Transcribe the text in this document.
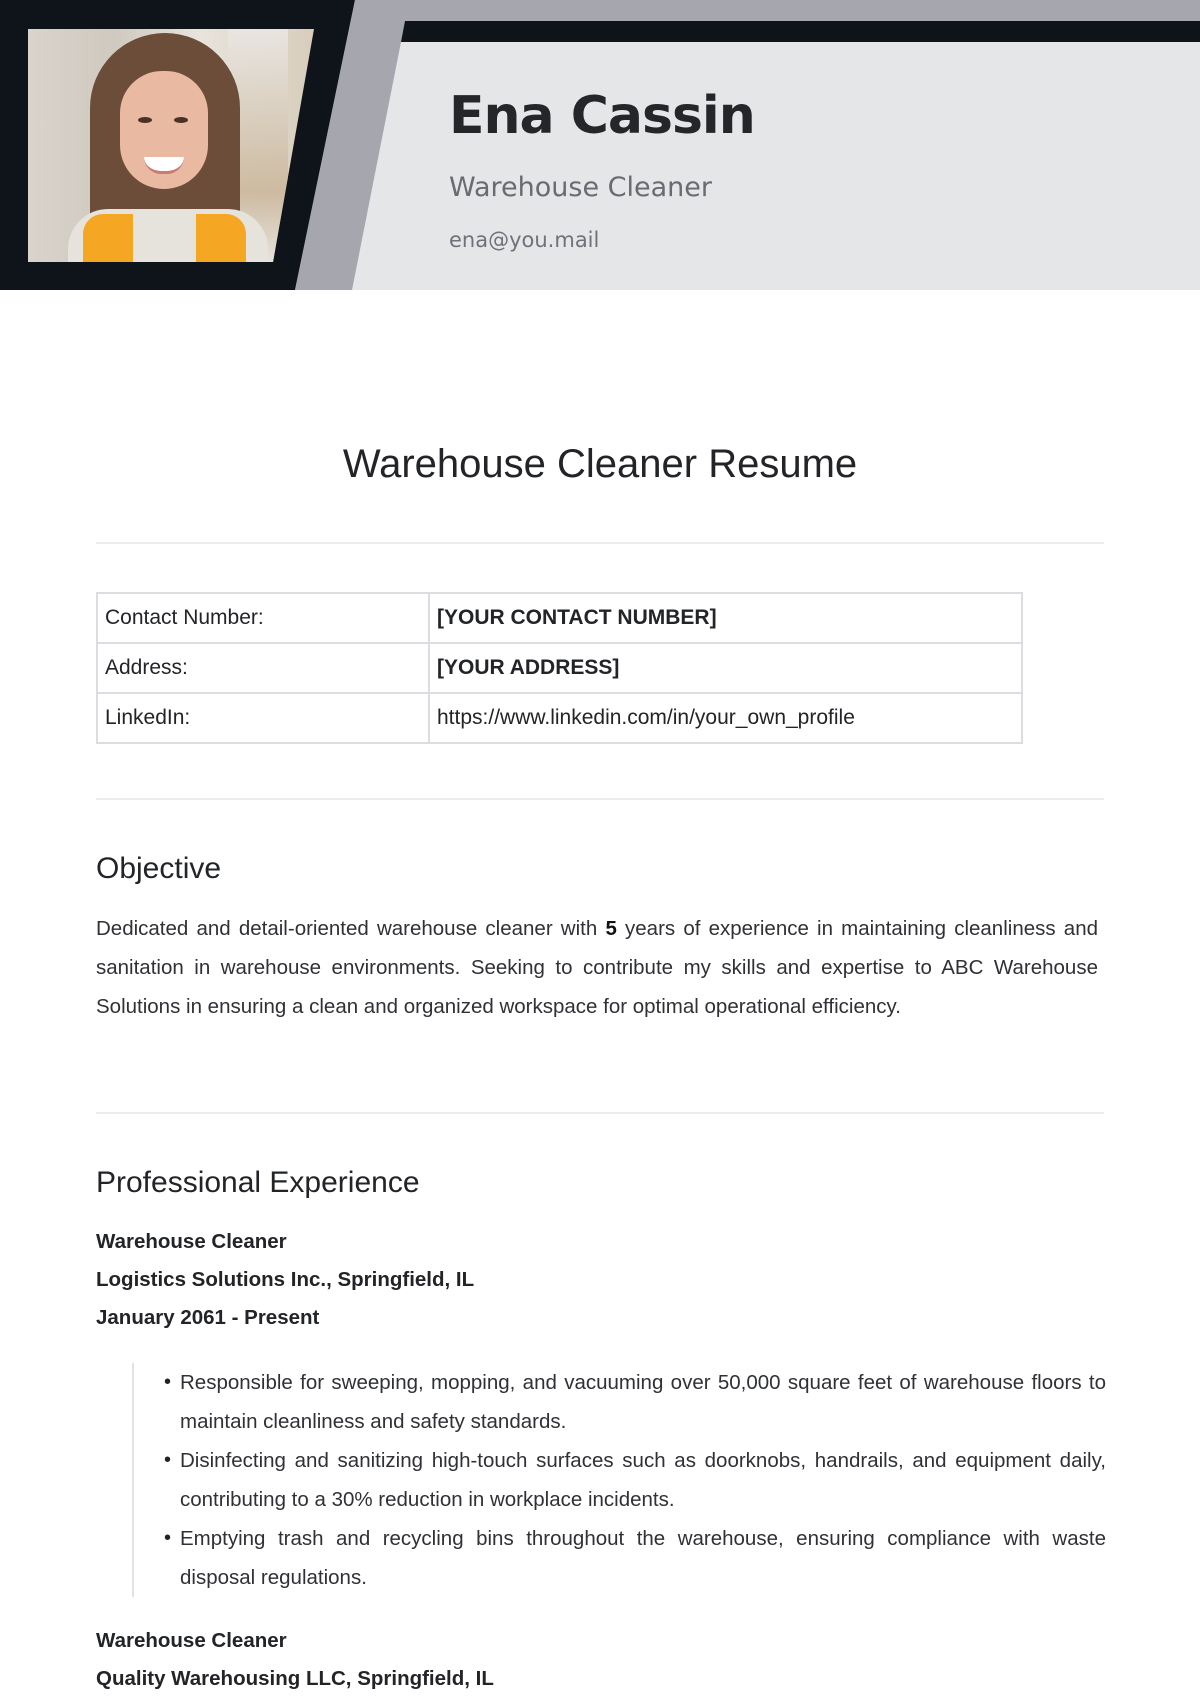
Ena Cassin
Warehouse Cleaner
ena@you.mail
Warehouse Cleaner Resume
Contact Number:	[YOUR CONTACT NUMBER]
Address:	[YOUR ADDRESS]
LinkedIn:	https://www.linkedin.com/in/your_own_profile
Objective
Dedicated and detail-oriented warehouse cleaner with 5 years of experience in maintaining cleanliness and sanitation in warehouse environments. Seeking to contribute my skills and expertise to ABC Warehouse Solutions in ensuring a clean and organized workspace for optimal operational efficiency.
Professional Experience
Warehouse Cleaner
Logistics Solutions Inc., Springfield, IL
January 2061 - Present
• Responsible for sweeping, mopping, and vacuuming over 50,000 square feet of warehouse floors to maintain cleanliness and safety standards.
• Disinfecting and sanitizing high-touch surfaces such as doorknobs, handrails, and equipment daily, contributing to a 30% reduction in workplace incidents.
• Emptying trash and recycling bins throughout the warehouse, ensuring compliance with waste disposal regulations.
Warehouse Cleaner
Quality Warehousing LLC, Springfield, IL
